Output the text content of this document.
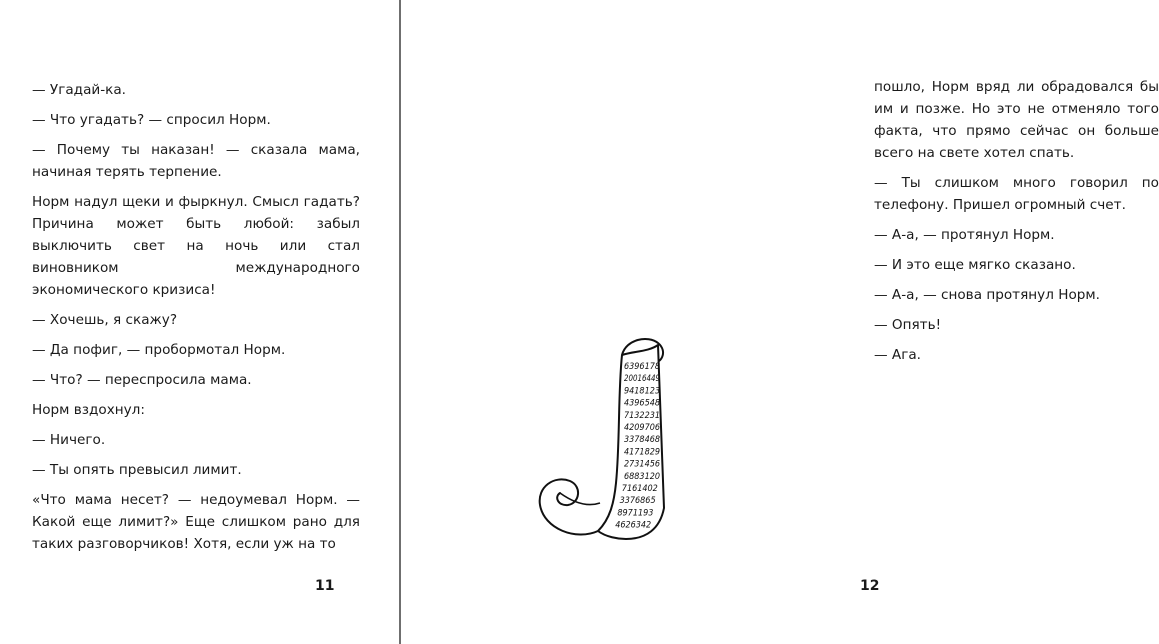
— Угадай-ка.

— Что угадать? — спросил Норм.

— Почему ты наказан! — сказала мама, начиная терять терпение.

Норм надул щеки и фыркнул. Смысл гадать? Причина может быть любой: забыл выключить свет на ночь или стал виновником международного экономического кризиса!

— Хочешь, я скажу?

— Да пофиг, — пробормотал Норм.

— Что? — переспросила мама.

Норм вздохнул:

— Ничего.

— Ты опять превысил лимит.

«Что мама несет? — недоумевал Норм. — Какой еще лимит?» Еще слишком рано для таких разговорчиков! Хотя, если уж на то

11

пошло, Норм вряд ли обрадовался бы им и позже. Но это не отменяло того факта, что прямо сейчас он больше всего на свете хотел спать.

— Ты слишком много говорил по телефону. Пришел огромный счет.

— А-а, — протянул Норм.

— И это еще мягко сказано.

— А-а, — снова протянул Норм.

— Опять!

— Ага.

12
6396178
20016449
9418123
4396548
7132231
4209706
3378468
4171829
2731456
6883120
7161402
3376865
8971193
4626342
